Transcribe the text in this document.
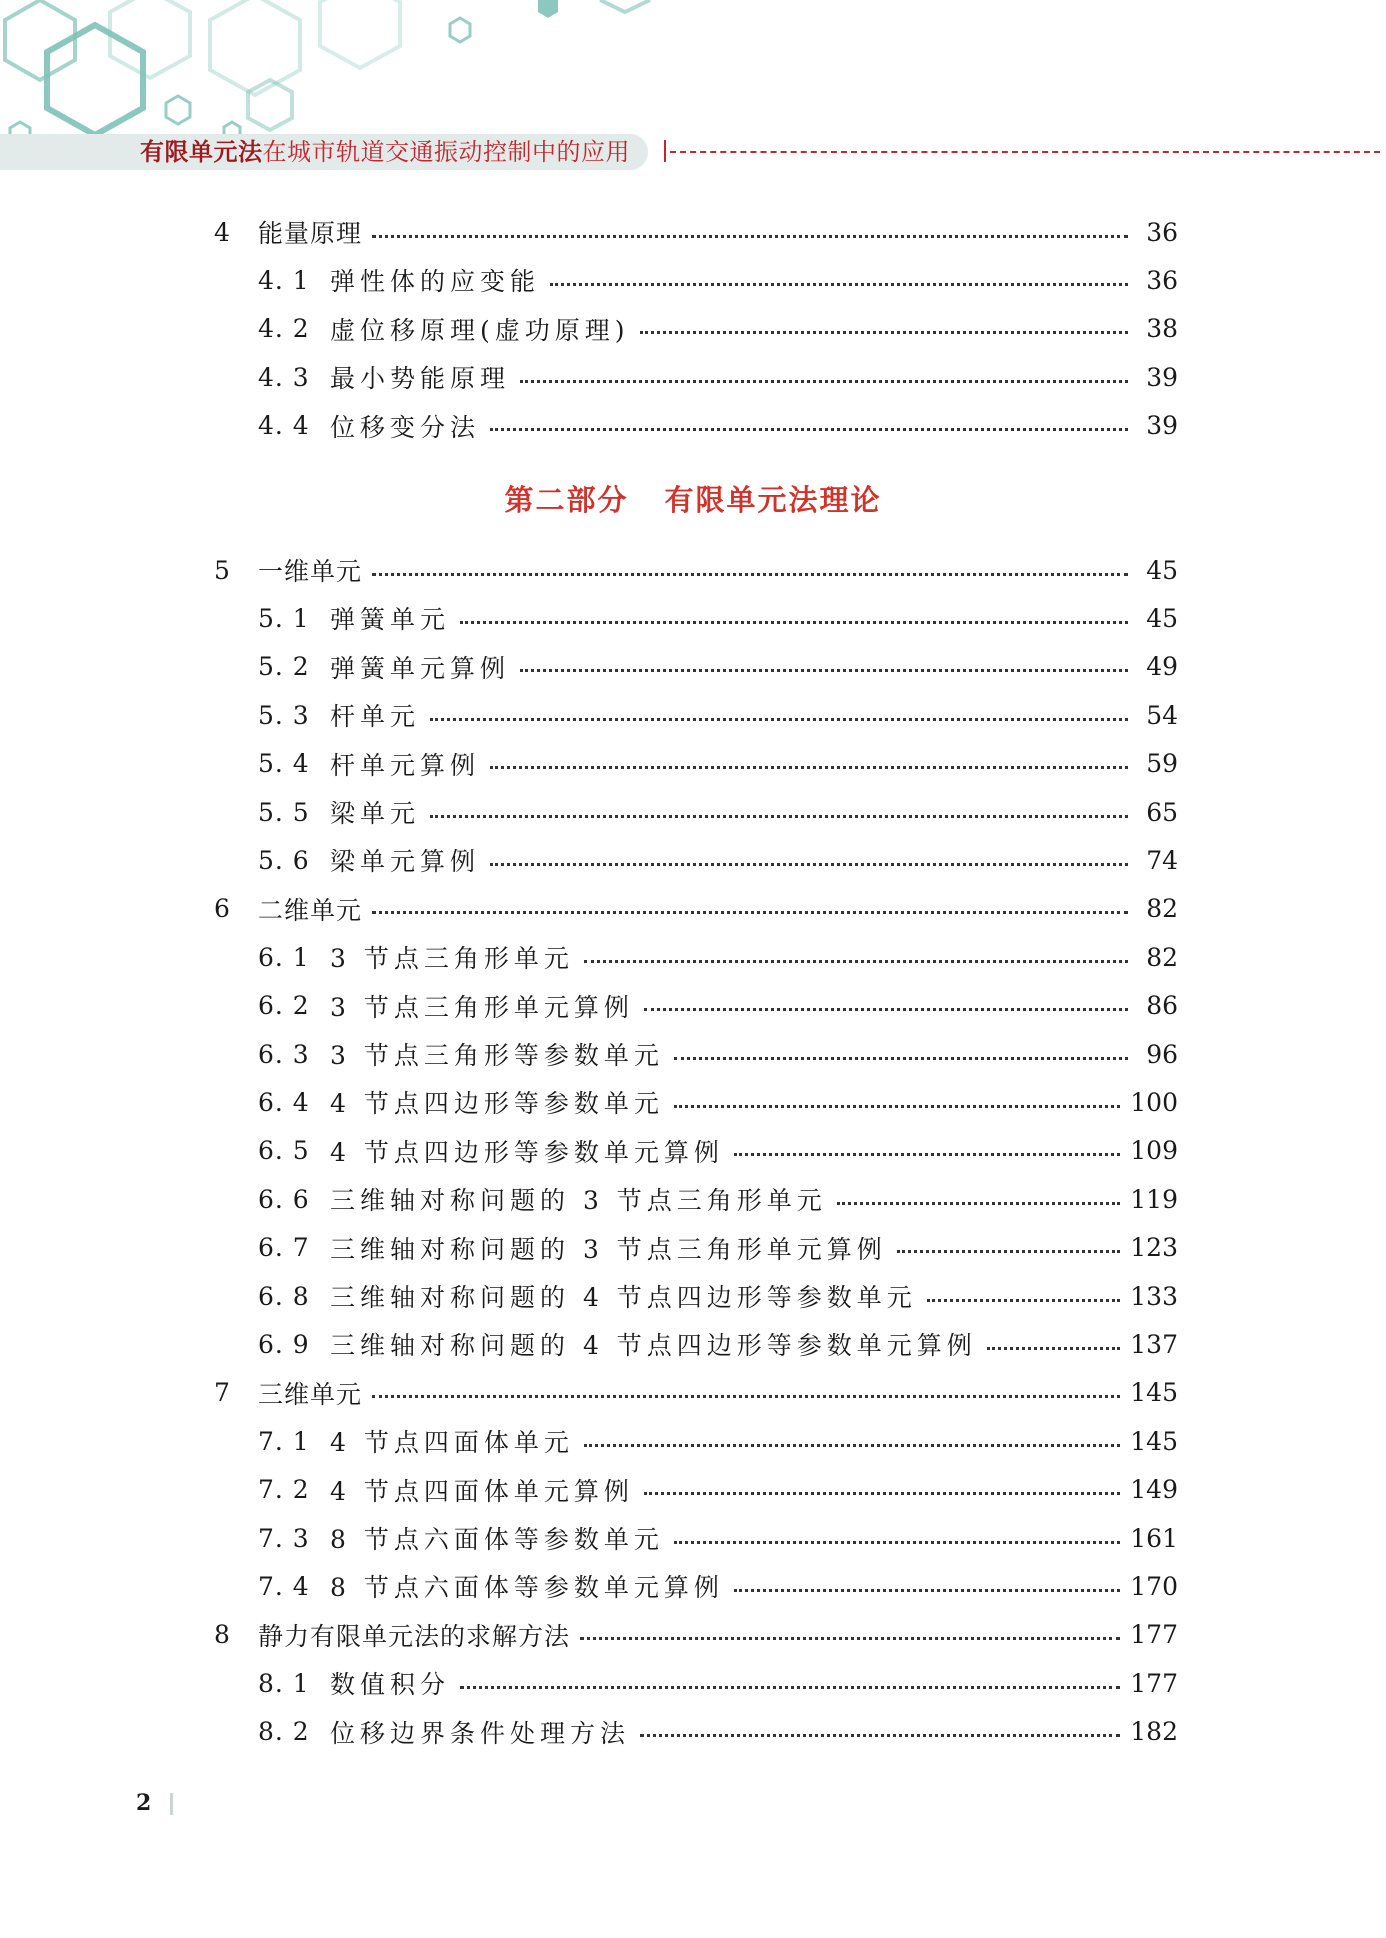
有限单元法在城市轨道交通振动控制中的应用
4	能量原理	36
4. 1 弹性体的应变能	36
4. 2 虚位移原理(虚功原理)	38
4. 3 最小势能原理	39
4. 4 位移变分法	39
5	一维单元	45
5. 1 弹簧单元	45
5. 2 弹簧单元算例	49
5. 3 杆单元	54
5. 4 杆单元算例	59
5. 5 梁单元	65
5. 6 梁单元算例	74
6	二维单元	82
6. 1 3 节点三角形单元	82
6. 2 3 节点三角形单元算例	86
6. 3 3 节点三角形等参数单元	96
6. 4 4 节点四边形等参数单元	100
6. 5 4 节点四边形等参数单元算例	109
6. 6 三维轴对称问题的 3 节点三角形单元	119
6. 7 三维轴对称问题的 3 节点三角形单元算例	123
6. 8 三维轴对称问题的 4 节点四边形等参数单元	133
6. 9 三维轴对称问题的 4 节点四边形等参数单元算例	137
7	三维单元	145
7. 1 4 节点四面体单元	145
7. 2 4 节点四面体单元算例	149
7. 3 8 节点六面体等参数单元	161
7. 4 8 节点六面体等参数单元算例	170
8	静力有限单元法的求解方法	177
8. 1 数值积分	177
8. 2 位移边界条件处理方法	182
第二部分 有限单元法理论
2
